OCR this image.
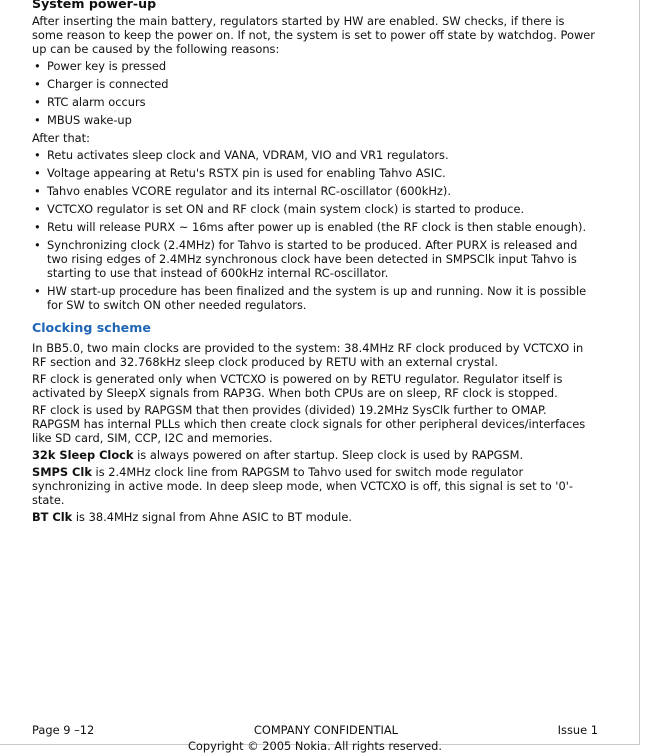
System power-up

After inserting the main battery, regulators started by HW are enabled. SW checks, if there is some reason to keep the power on. If not, the system is set to power off state by watchdog. Power up can be caused by the following reasons:

• Power key is pressed
• Charger is connected
• RTC alarm occurs
• MBUS wake-up

After that:

• Retu activates sleep clock and VANA, VDRAM, VIO and VR1 regulators.
• Voltage appearing at Retu's RSTX pin is used for enabling Tahvo ASIC.
• Tahvo enables VCORE regulator and its internal RC-oscillator (600kHz).
• VCTCXO regulator is set ON and RF clock (main system clock) is started to produce.
• Retu will release PURX ~ 16ms after power up is enabled (the RF clock is then stable enough).
• Synchronizing clock (2.4MHz) for Tahvo is started to be produced. After PURX is released and two rising edges of 2.4MHz synchronous clock have been detected in SMPSClk input Tahvo is starting to use that instead of 600kHz internal RC-oscillator.
• HW start-up procedure has been finalized and the system is up and running. Now it is possible for SW to switch ON other needed regulators.
Clocking scheme

In BB5.0, two main clocks are provided to the system: 38.4MHz RF clock produced by VCTCXO in RF section and 32.768kHz sleep clock produced by RETU with an external crystal.

RF clock is generated only when VCTCXO is powered on by RETU regulator. Regulator itself is activated by SleepX signals from RAP3G. When both CPUs are on sleep, RF clock is stopped.

RF clock is used by RAPGSM that then provides (divided) 19.2MHz SysClk further to OMAP. RAPGSM has internal PLLs which then create clock signals for other peripheral devices/interfaces like SD card, SIM, CCP, I2C and memories.

32k Sleep Clock is always powered on after startup. Sleep clock is used by RAPGSM.

SMPS Clk is 2.4MHz clock line from RAPGSM to Tahvo used for switch mode regulator synchronizing in active mode. In deep sleep mode, when VCTCXO is off, this signal is set to '0'-state.

BT Clk is 38.4MHz signal from Ahne ASIC to BT module.

Page 9 –12	COMPANY CONFIDENTIAL	Issue 1
Copyright © 2005 Nokia. All rights reserved.
